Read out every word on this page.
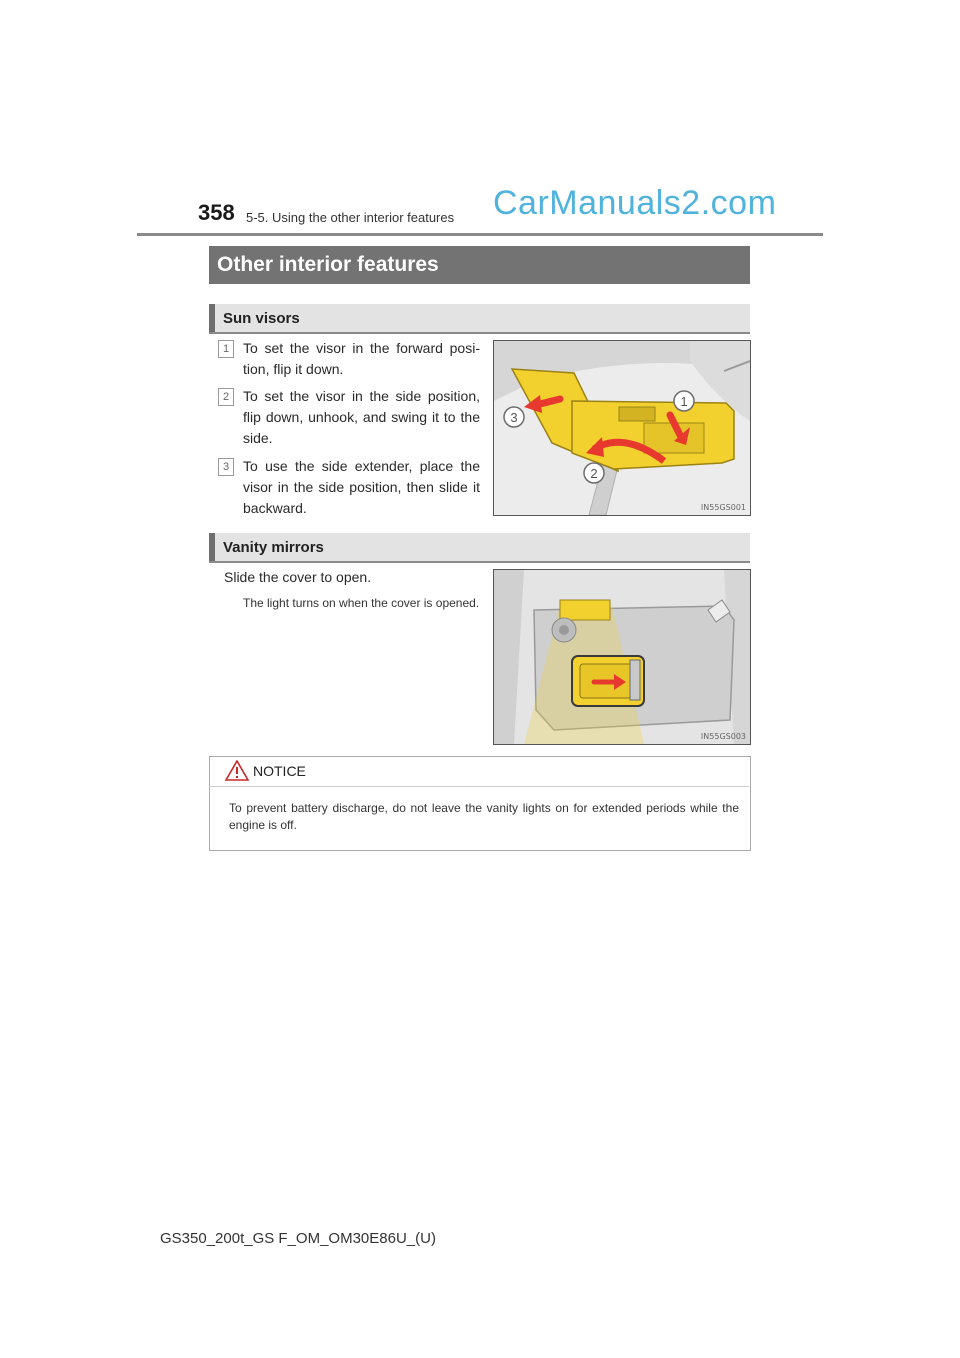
358 5-5. Using the other interior features CarManuals2.com
Other interior features
Sun visors
1 To set the visor in the forward posi- tion, flip it down.
2 To set the visor in the side position, flip down, unhook, and swing it to the side.
3 To use the side extender, place the visor in the side position, then slide it backward.
1
3
2
IN55GS001
Vanity mirrors
Slide the cover to open.
The light turns on when the cover is opened.
IN55GS003
NOTICE
To prevent battery discharge, do not leave the vanity lights on for extended periods while the engine is off.
GS350_200t_GS F_OM_OM30E86U_(U)
